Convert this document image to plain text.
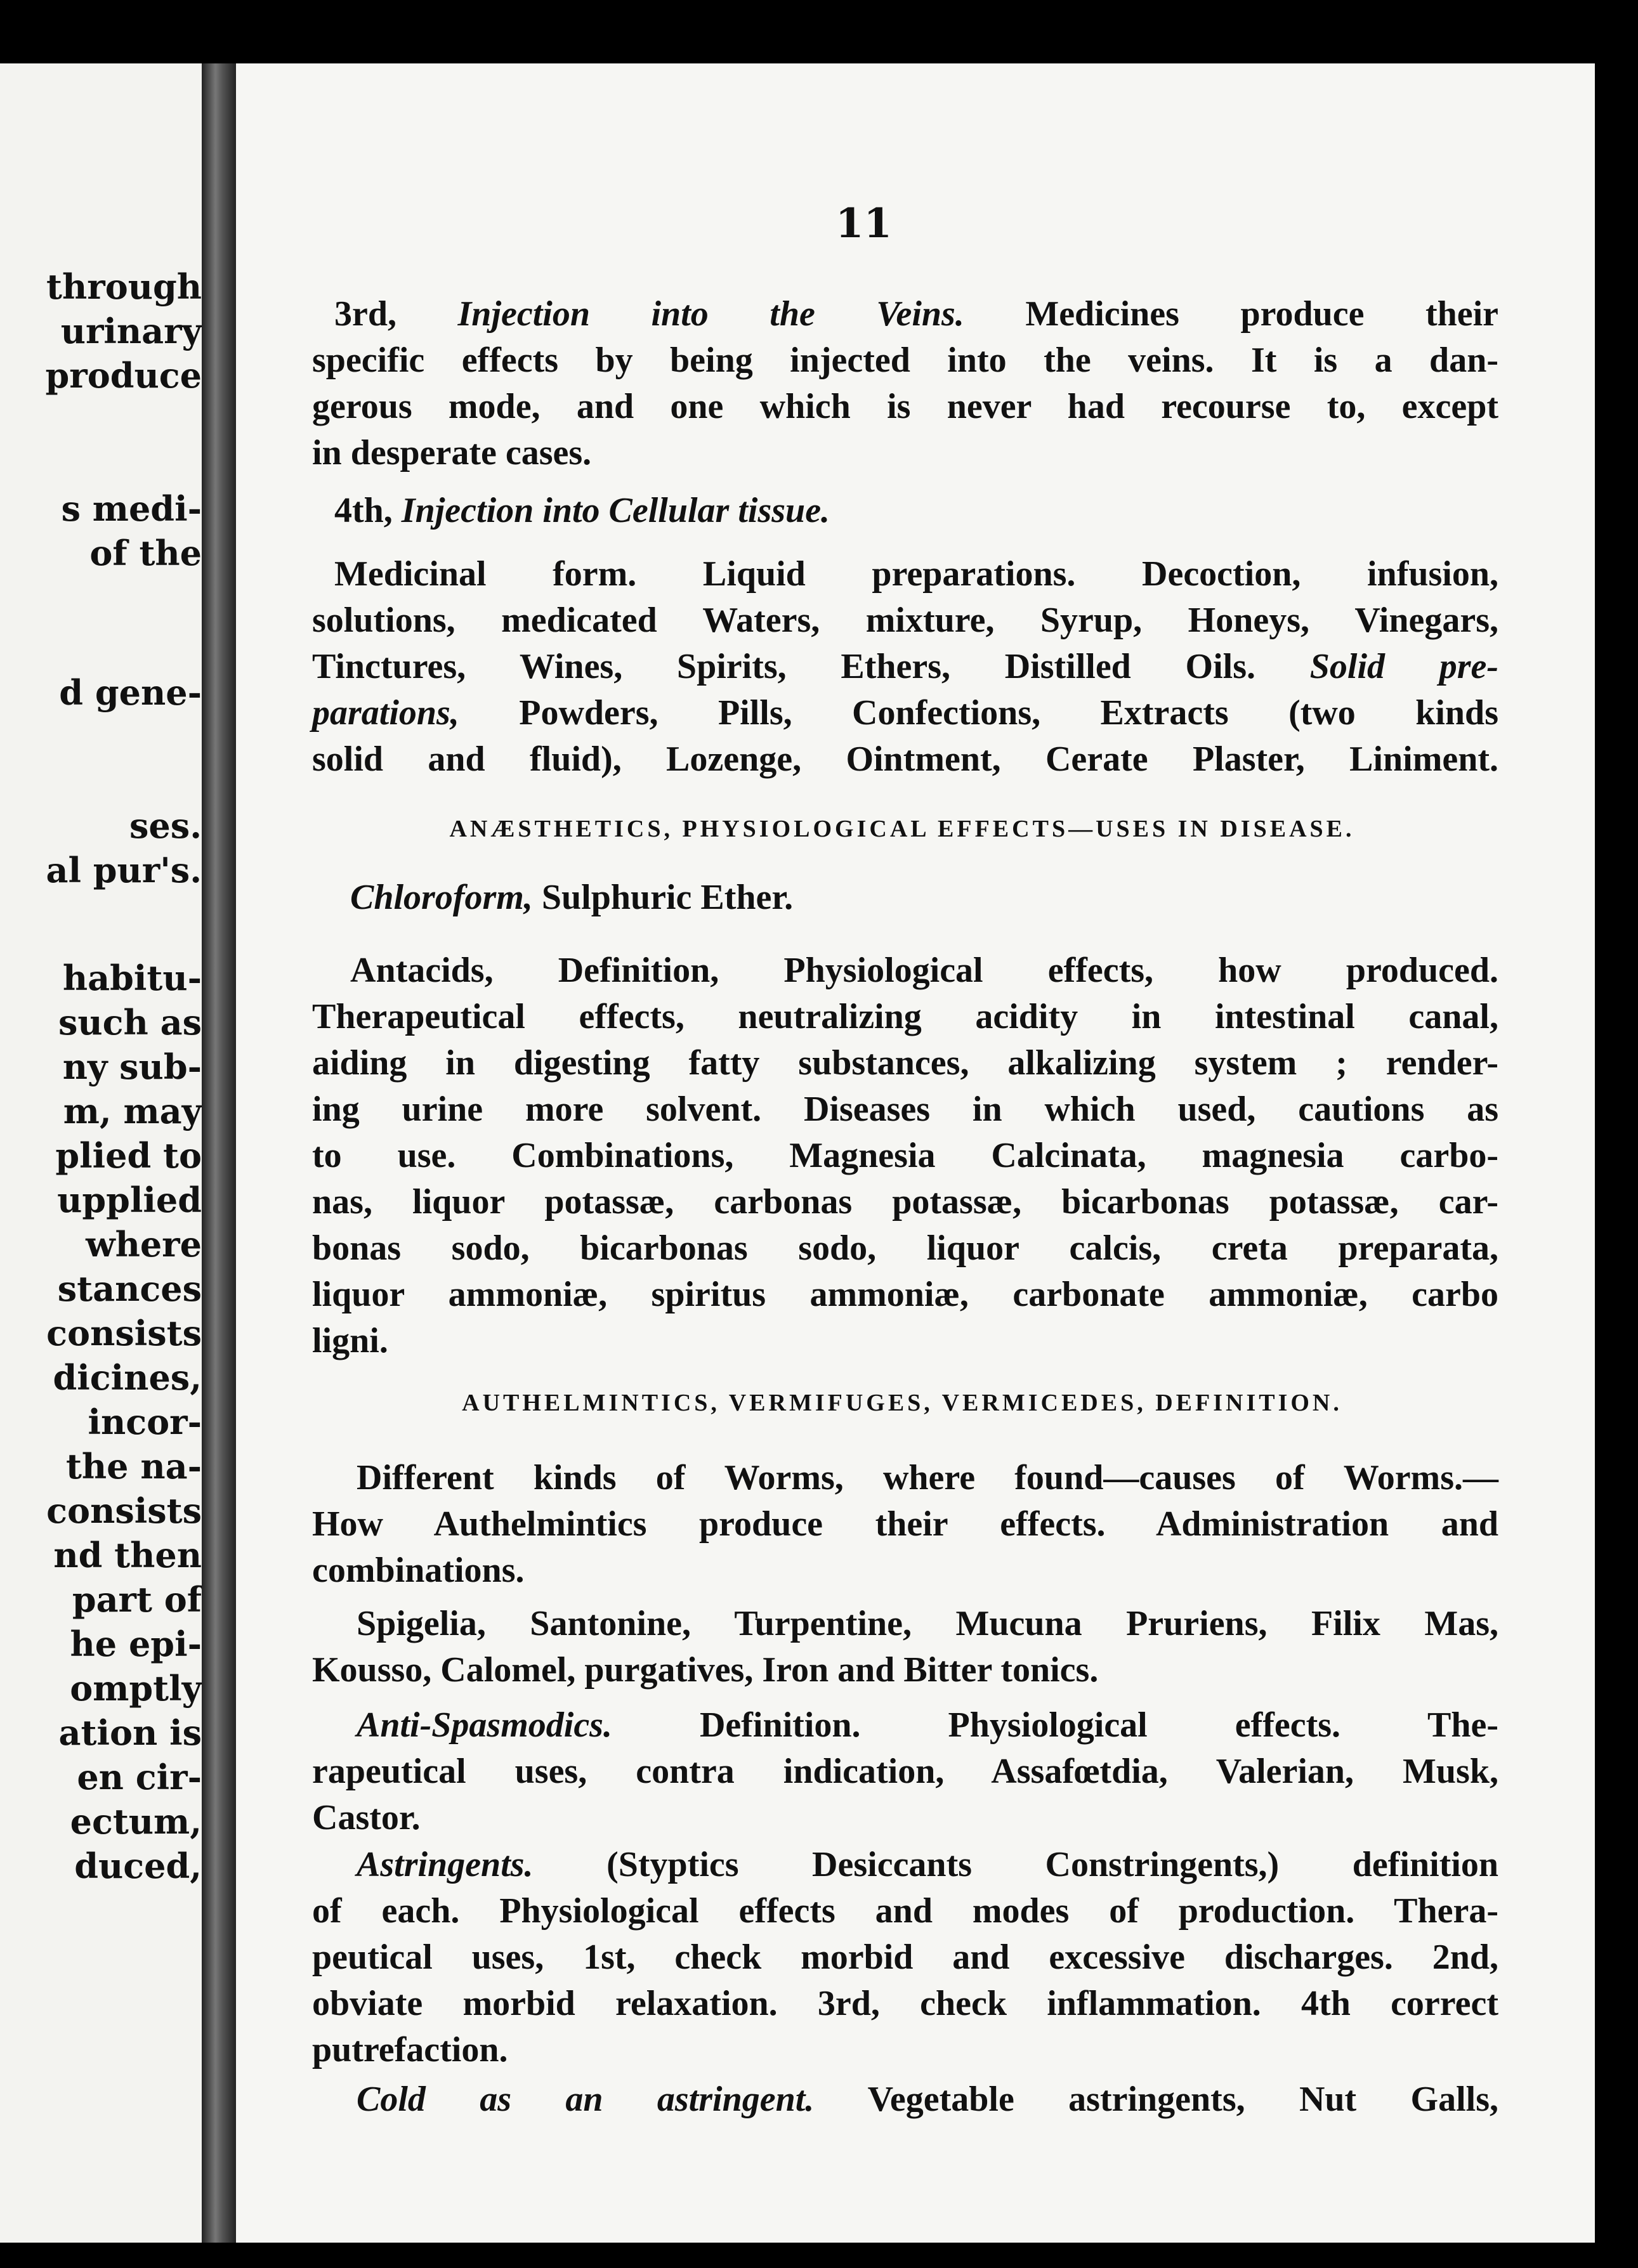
through
urinary
produce
s medi-
of the
d gene-
ses.
al pur's.
habitu-
such as
ny sub-
m, may
plied to
upplied
where
stances
consists
dicines,
incor-
the na-
consists
nd then
part of
he epi-
omptly
ation is
en cir-
ectum,
duced,
11
3rd, Injection into the Veins. Medicines produce their
specific effects by being injected into the veins. It is a dan-
gerous mode, and one which is never had recourse to, except
in desperate cases.
4th, Injection into Cellular tissue.
Medicinal form. Liquid preparations. Decoction, infusion,
solutions, medicated Waters, mixture, Syrup, Honeys, Vinegars,
Tinctures, Wines, Spirits, Ethers, Distilled Oils. Solid pre-
parations, Powders, Pills, Confections, Extracts (two kinds
solid and fluid), Lozenge, Ointment, Cerate Plaster, Liniment.
ANÆSTHETICS, PHYSIOLOGICAL EFFECTS—USES IN DISEASE.
Chloroform, Sulphuric Ether.
Antacids, Definition, Physiological effects, how produced.
Therapeutical effects, neutralizing acidity in intestinal canal,
aiding in digesting fatty substances, alkalizing system ; render-
ing urine more solvent. Diseases in which used, cautions as
to use. Combinations, Magnesia Calcinata, magnesia carbo-
nas, liquor potassæ, carbonas potassæ, bicarbonas potassæ, car-
bonas sodo, bicarbonas sodo, liquor calcis, creta preparata,
liquor ammoniæ, spiritus ammoniæ, carbonate ammoniæ, carbo
ligni.
AUTHELMINTICS, VERMIFUGES, VERMICEDES, DEFINITION.
Different kinds of Worms, where found—causes of Worms.—
How Authelmintics produce their effects. Administration and
combinations.
Spigelia, Santonine, Turpentine, Mucuna Pruriens, Filix Mas,
Kousso, Calomel, purgatives, Iron and Bitter tonics.
Anti-Spasmodics. Definition. Physiological effects. The-
rapeutical uses, contra indication, Assafœtdia, Valerian, Musk,
Castor.
Astringents. (Styptics Desiccants Constringents,) definition
of each. Physiological effects and modes of production. Thera-
peutical uses, 1st, check morbid and excessive discharges. 2nd,
obviate morbid relaxation. 3rd, check inflammation. 4th correct
putrefaction.
Cold as an astringent. Vegetable astringents, Nut Galls,
